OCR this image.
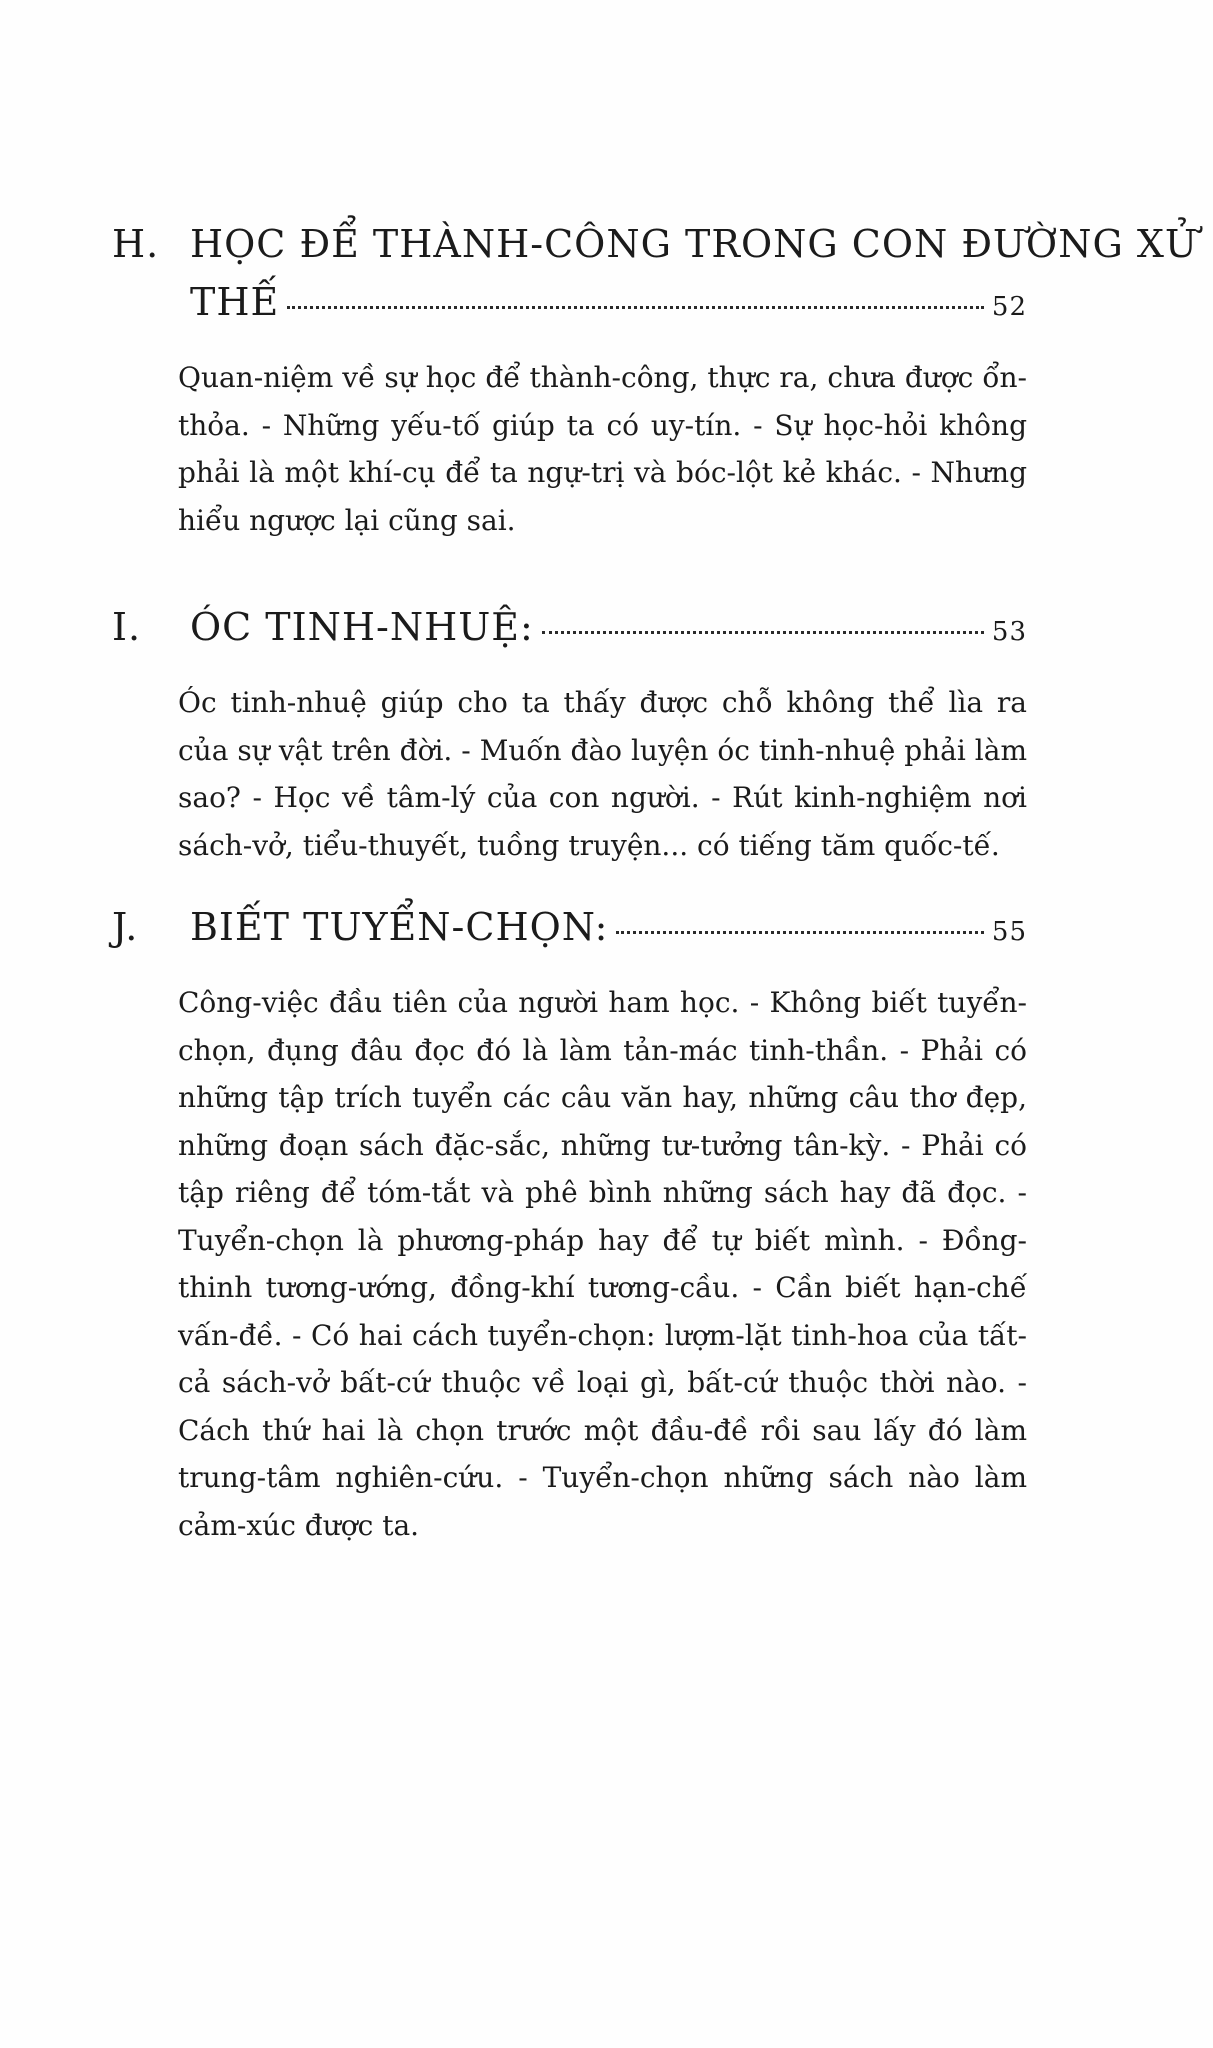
H. HỌC ĐỂ THÀNH-CÔNG TRONG CON ĐƯỜNG XỬ
THẾ	52
Quan-niệm về sự học để thành-công, thực ra, chưa được ổn-thỏa. - Những yếu-tố giúp ta có uy-tín. - Sự học-hỏi không phải là một khí-cụ để ta ngự-trị và bóc-lột kẻ khác. - Nhưng hiểu ngược lại cũng sai.
I.	ÓC TINH-NHUỆ:	53
Óc tinh-nhuệ giúp cho ta thấy được chỗ không thể lìa ra của sự vật trên đời. - Muốn đào luyện óc tinh-nhuệ phải làm sao? - Học về tâm-lý của con người. - Rút kinh-nghiệm nơi sách-vở, tiểu-thuyết, tuồng truyện... có tiếng tăm quốc-tế.
J.	BIẾT TUYỂN-CHỌN:	55
Công-việc đầu tiên của người ham học. - Không biết tuyển-chọn, đụng đâu đọc đó là làm tản-mác tinh-thần. - Phải có những tập trích tuyển các câu văn hay, những câu thơ đẹp, những đoạn sách đặc-sắc, những tư-tưởng tân-kỳ. - Phải có tập riêng để tóm-tắt và phê bình những sách hay đã đọc. - Tuyển-chọn là phương-pháp hay để tự biết mình. - Đồng-thinh tương-ướng, đồng-khí tương-cầu. - Cần biết hạn-chế vấn-đề. - Có hai cách tuyển-chọn: lượm-lặt tinh-hoa của tất-cả sách-vở bất-cứ thuộc về loại gì, bất-cứ thuộc thời nào. - Cách thứ hai là chọn trước một đầu-đề rồi sau lấy đó làm trung-tâm nghiên-cứu. - Tuyển-chọn những sách nào làm cảm-xúc được ta.
